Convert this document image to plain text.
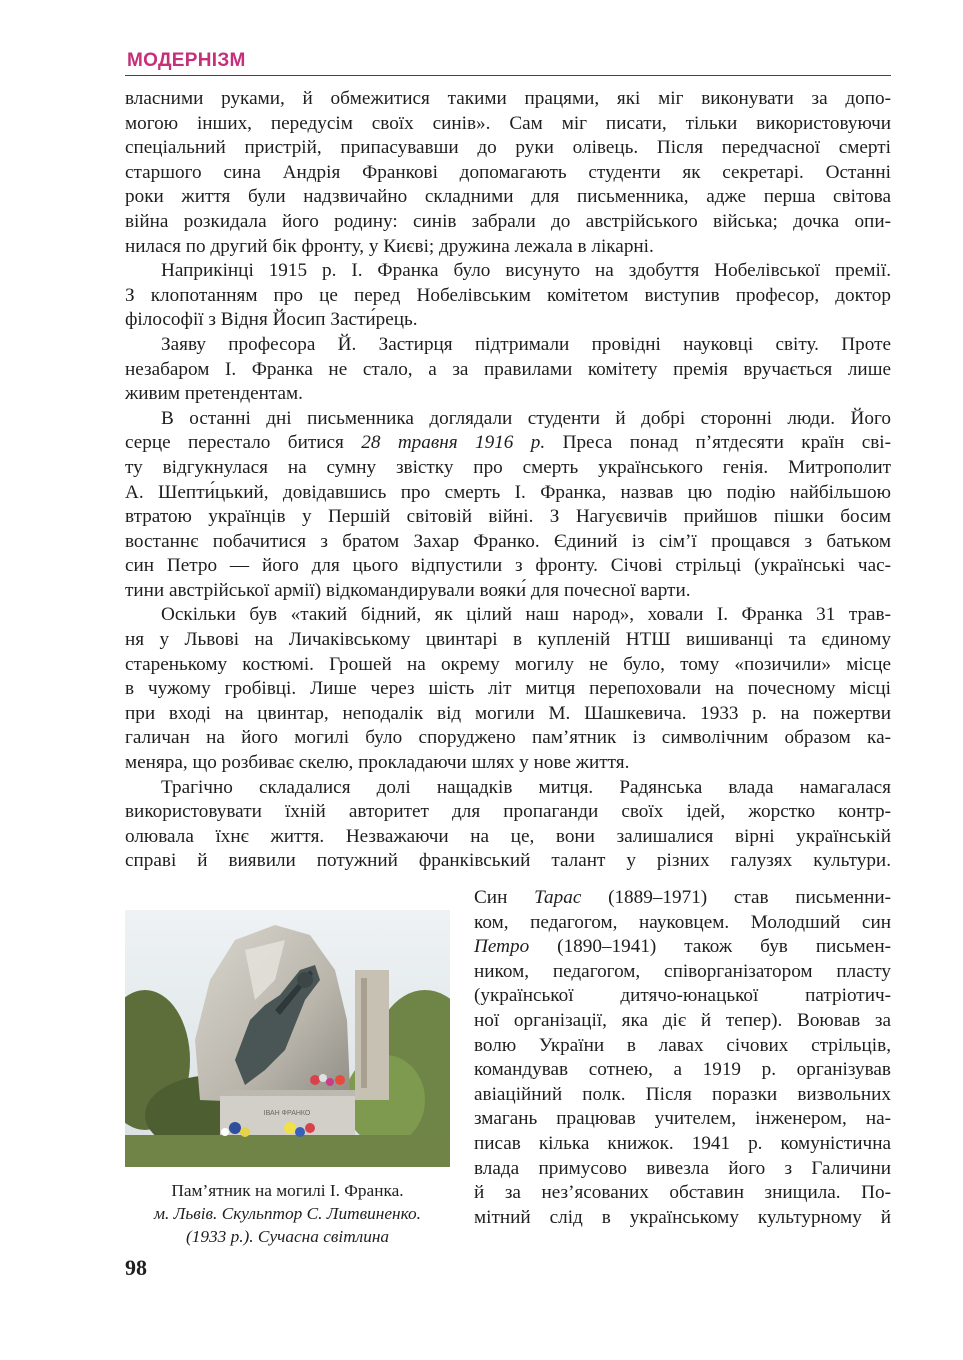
МОДЕРНІЗМ
власними руками, й обмежитися такими працями, які міг виконувати за допо-
могою інших, передусім своїх синів». Сам міг писати, тільки використовуючи
спеціальний пристрій, припасувавши до руки олівець. Після передчасної смерті
старшого сина Андрія Франкові допомагають студенти як секретарі. Останні
роки життя були надзвичайно складними для письменника, адже перша світова
війна розкидала його родину: синів забрали до австрійського війська; дочка опи-
нилася по другий бік фронту, у Києві; дружина лежала в лікарні.
Наприкінці 1915 р. І. Франка було висунуто на здобуття Нобелівської премії.
З клопотанням про це перед Нобелівським комітетом виступив професор, доктор
філософії з Відня Йосип Засти́рець.
Заяву професора Й. Застирця підтримали провідні науковці світу. Проте
незабаром І. Франка не стало, а за правилами комітету премія вручається лише
живим претендентам.
В останні дні письменника доглядали студенти й добрі сторонні люди. Його
серце перестало битися 28 травня 1916 р. Преса понад п’ятдесяти країн сві-
ту відгукнулася на сумну звістку про смерть українського генія. Митрополит
А. Шепти́цький, довідавшись про смерть І. Франка, назвав цю подію найбільшою
втратою українців у Першій світовій війні. З Нагуєвичів прийшов пішки босим
востаннє побачитися з братом Захар Франко. Єдиний із сім’ї прощався з батьком
син Петро — його для цього відпустили з фронту. Січові стрільці (українські час-
тини австрійської армії) відкомандирували вояки́ для почесної варти.
Оскільки був «такий бідний, як цілий наш народ», ховали І. Франка 31 трав-
ня у Львові на Личаківському цвинтарі в купленій НТШ вишиванці та єдиному
старенькому костюмі. Грошей на окрему могилу не було, тому «позичили» місце
в чужому гробівці. Лише через шість літ митця перепоховали на почесному місці
при вході на цвинтар, неподалік від могили М. Шашкевича. 1933 р. на пожертви
галичан на його могилі було споруджено пам’ятник із символічним образом ка-
меняра, що розбиває скелю, прокладаючи шлях у нове життя.
Трагічно складалися долі нащадків митця. Радянська влада намагалася
використовувати їхній авторитет для пропаганди своїх ідей, жорстко контр-
олювала їхнє життя. Незважаючи на це, вони залишалися вірні українській
справі й виявили потужний франківський талант у різних галузях культури.
ІВАН ФРАНКО
Пам’ятник на могилі І. Франка.
м. Львів. Скульптор С. Литвиненко.
(1933 р.). Сучасна світлина
Син Тарас (1889–1971) став письменни-
ком, педагогом, науковцем. Молодший син
Петро (1890–1941) також був письмен-
ником, педагогом, співорганізатором пласту
(української дитячо-юнацької патріотич-
ної організації, яка діє й тепер). Воював за
волю України в лавах січових стрільців,
командував сотнею, а 1919 р. організував
авіаційний полк. Після поразки визвольних
змагань працював учителем, інженером, на-
писав кілька книжок. 1941 р. комуністична
влада примусово вивезла його з Галичини
й за нез’ясованих обставин знищила. По-
мітний слід в українському культурному й
98
